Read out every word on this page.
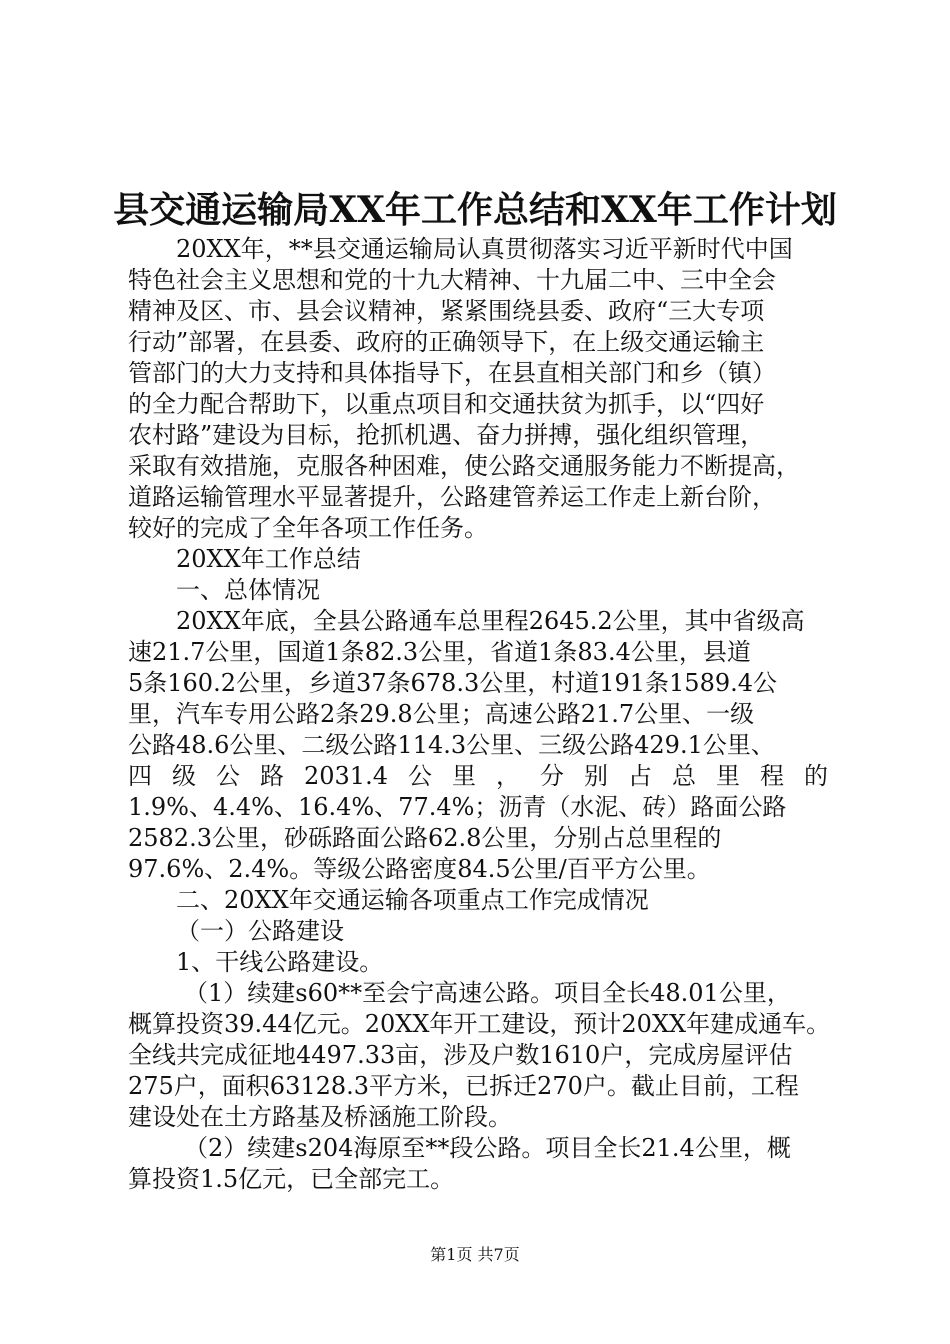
县交通运输局XX年工作总结和XX年工作计划
20XX年，**县交通运输局认真贯彻落实习近平新时代中国
特色社会主义思想和党的十九大精神、十九届二中、三中全会
精神及区、市、县会议精神，紧紧围绕县委、政府“三大专项
行动”部署，在县委、政府的正确领导下，在上级交通运输主
管部门的大力支持和具体指导下，在县直相关部门和乡（镇）
的全力配合帮助下，以重点项目和交通扶贫为抓手，以“四好
农村路”建设为目标，抢抓机遇、奋力拼搏，强化组织管理，
采取有效措施，克服各种困难，使公路交通服务能力不断提高，
道路运输管理水平显著提升，公路建管养运工作走上新台阶，
较好的完成了全年各项工作任务。
20XX年工作总结
一、总体情况
20XX年底，全县公路通车总里程2645.2公里，其中省级高
速21.7公里，国道1条82.3公里，省道1条83.4公里，县道
5条160.2公里，乡道37条678.3公里，村道191条1589.4公
里，汽车专用公路2条29.8公里；高速公路21.7公里、一级
公路48.6公里、二级公路114.3公里、三级公路429.1公里、
四 级 公 路 2031.4 公 里 ， 分 别 占 总 里 程 的
1.9%、4.4%、16.4%、77.4%；沥青（水泥、砖）路面公路
2582.3公里，砂砾路面公路62.8公里，分别占总里程的
97.6%、2.4%。等级公路密度84.5公里/百平方公里。
二、20XX年交通运输各项重点工作完成情况
（一）公路建设
1、干线公路建设。
（1）续建s60**至会宁高速公路。项目全长48.01公里，
概算投资39.44亿元。20XX年开工建设，预计20XX年建成通车。
全线共完成征地4497.33亩，涉及户数1610户，完成房屋评估
275户，面积63128.3平方米，已拆迁270户。截止目前，工程
建设处在土方路基及桥涵施工阶段。
（2）续建s204海原至**段公路。项目全长21.4公里，概
算投资1.5亿元，已全部完工。
第1页 共7页
